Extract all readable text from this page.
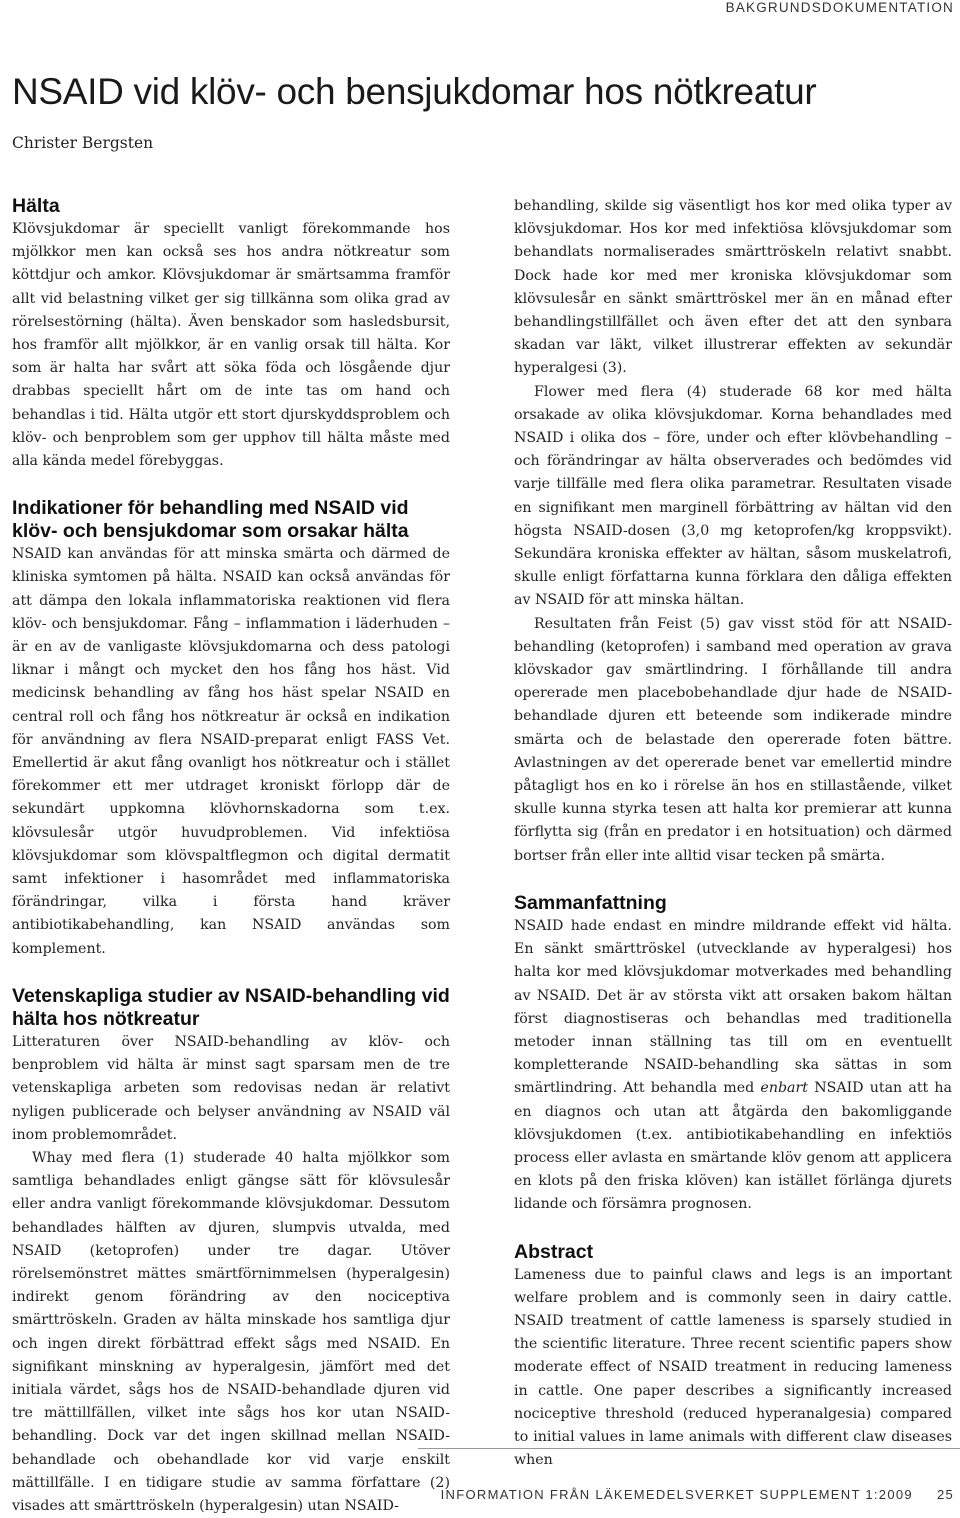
BAKGRUNDSDOKUMENTATION
NSAID vid klöv- och bensjukdomar hos nötkreatur
Christer Bergsten
Hälta

Klövsjukdomar är speciellt vanligt förekommande hos mjölkkor men kan också ses hos andra nötkreatur som köttdjur och amkor. Klövsjukdomar är smärtsamma framför allt vid belastning vilket ger sig tillkänna som olika grad av rörelsestörning (hälta). Även benskador som hasledsbursit, hos framför allt mjölkkor, är en vanlig orsak till hälta. Kor som är halta har svårt att söka föda och lösgående djur drabbas speciellt hårt om de inte tas om hand och behandlas i tid. Hälta utgör ett stort djurskyddsproblem och klöv- och benproblem som ger upphov till hälta måste med alla kända medel förebyggas.

Indikationer för behandling med NSAID vid klöv- och bensjukdomar som orsakar hälta

NSAID kan användas för att minska smärta och därmed de kliniska symtomen på hälta. NSAID kan också användas för att dämpa den lokala inflammatoriska reaktionen vid flera klöv- och bensjukdomar. Fång – inflammation i läderhuden – är en av de vanligaste klövsjukdomarna och dess patologi liknar i mångt och mycket den hos fång hos häst. Vid medicinsk behandling av fång hos häst spelar NSAID en central roll och fång hos nötkreatur är också en indikation för användning av flera NSAID-preparat enligt FASS Vet. Emellertid är akut fång ovanligt hos nötkreatur och i stället förekommer ett mer utdraget kroniskt förlopp där de sekundärt uppkomna klövhornskadorna som t.ex. klövsulesår utgör huvudproblemen. Vid infektiösa klövsjukdomar som klövspaltflegmon och digital dermatit samt infektioner i hasområdet med inflammatoriska förändringar, vilka i första hand kräver antibiotikabehandling, kan NSAID användas som komplement.

Vetenskapliga studier av NSAID-behandling vid hälta hos nötkreatur

Litteraturen över NSAID-behandling av klöv- och benproblem vid hälta är minst sagt sparsam men de tre vetenskapliga arbeten som redovisas nedan är relativt nyligen publicerade och belyser användning av NSAID väl inom problemområdet.

Whay med flera (1) studerade 40 halta mjölkkor som samtliga behandlades enligt gängse sätt för klövsulesår eller andra vanligt förekommande klövsjukdomar. Dessutom behandlades hälften av djuren, slumpvis utvalda, med NSAID (ketoprofen) under tre dagar. Utöver rörelsemönstret mättes smärtförnimmelsen (hyperalgesin) indirekt genom förändring av den nociceptiva smärttröskeln. Graden av hälta minskade hos samtliga djur och ingen direkt förbättrad effekt sågs med NSAID. En signifikant minskning av hyperalgesin, jämfört med det initiala värdet, sågs hos de NSAID-behandlade djuren vid tre mättillfällen, vilket inte sågs hos kor utan NSAID-behandling. Dock var det ingen skillnad mellan NSAID-behandlade och obehandlade kor vid varje enskilt mättillfälle. I en tidigare studie av samma författare (2) visades att smärttröskeln (hyperalgesin) utan NSAID-

behandling, skilde sig väsentligt hos kor med olika typer av klövsjukdomar. Hos kor med infektiösa klövsjukdomar som behandlats normaliserades smärttröskeln relativt snabbt. Dock hade kor med mer kroniska klövsjukdomar som klövsulesår en sänkt smärttröskel mer än en månad efter behandlingstillfället och även efter det att den synbara skadan var läkt, vilket illustrerar effekten av sekundär hyperalgesi (3).

Flower med flera (4) studerade 68 kor med hälta orsakade av olika klövsjukdomar. Korna behandlades med NSAID i olika dos – före, under och efter klövbehandling – och förändringar av hälta observerades och bedömdes vid varje tillfälle med flera olika parametrar. Resultaten visade en signifikant men marginell förbättring av hältan vid den högsta NSAID-dosen (3,0 mg ketoprofen/kg kroppsvikt). Sekundära kroniska effekter av hältan, såsom muskelatrofi, skulle enligt författarna kunna förklara den dåliga effekten av NSAID för att minska hältan.

Resultaten från Feist (5) gav visst stöd för att NSAID-behandling (ketoprofen) i samband med operation av grava klövskador gav smärtlindring. I förhållande till andra opererade men placebobehandlade djur hade de NSAID-behandlade djuren ett beteende som indikerade mindre smärta och de belastade den opererade foten bättre. Avlastningen av det opererade benet var emellertid mindre påtagligt hos en ko i rörelse än hos en stillastående, vilket skulle kunna styrka tesen att halta kor premierar att kunna förflytta sig (från en predator i en hotsituation) och därmed bortser från eller inte alltid visar tecken på smärta.

Sammanfattning

NSAID hade endast en mindre mildrande effekt vid hälta. En sänkt smärttröskel (utvecklande av hyperalgesi) hos halta kor med klövsjukdomar motverkades med behandling av NSAID. Det är av största vikt att orsaken bakom hältan först diagnostiseras och behandlas med traditionella metoder innan ställning tas till om en eventuellt kompletterande NSAID-behandling ska sättas in som smärtlindring. Att behandla med enbart NSAID utan att ha en diagnos och utan att åtgärda den bakomliggande klövsjukdomen (t.ex. antibiotikabehandling en infektiös process eller avlasta en smärtande klöv genom att applicera en klots på den friska klöven) kan istället förlänga djurets lidande och försämra prognosen.

Abstract

Lameness due to painful claws and legs is an important welfare problem and is commonly seen in dairy cattle. NSAID treatment of cattle lameness is sparsely studied in the scientific literature. Three recent scientific papers show moderate effect of NSAID treatment in reducing lameness in cattle. One paper describes a significantly increased nociceptive threshold (reduced hyperanalgesia) compared to initial values in lame animals with different claw diseases when

INFORMATION FRÅN LÄKEMEDELSVERKET SUPPLEMENT 1:2009 25
